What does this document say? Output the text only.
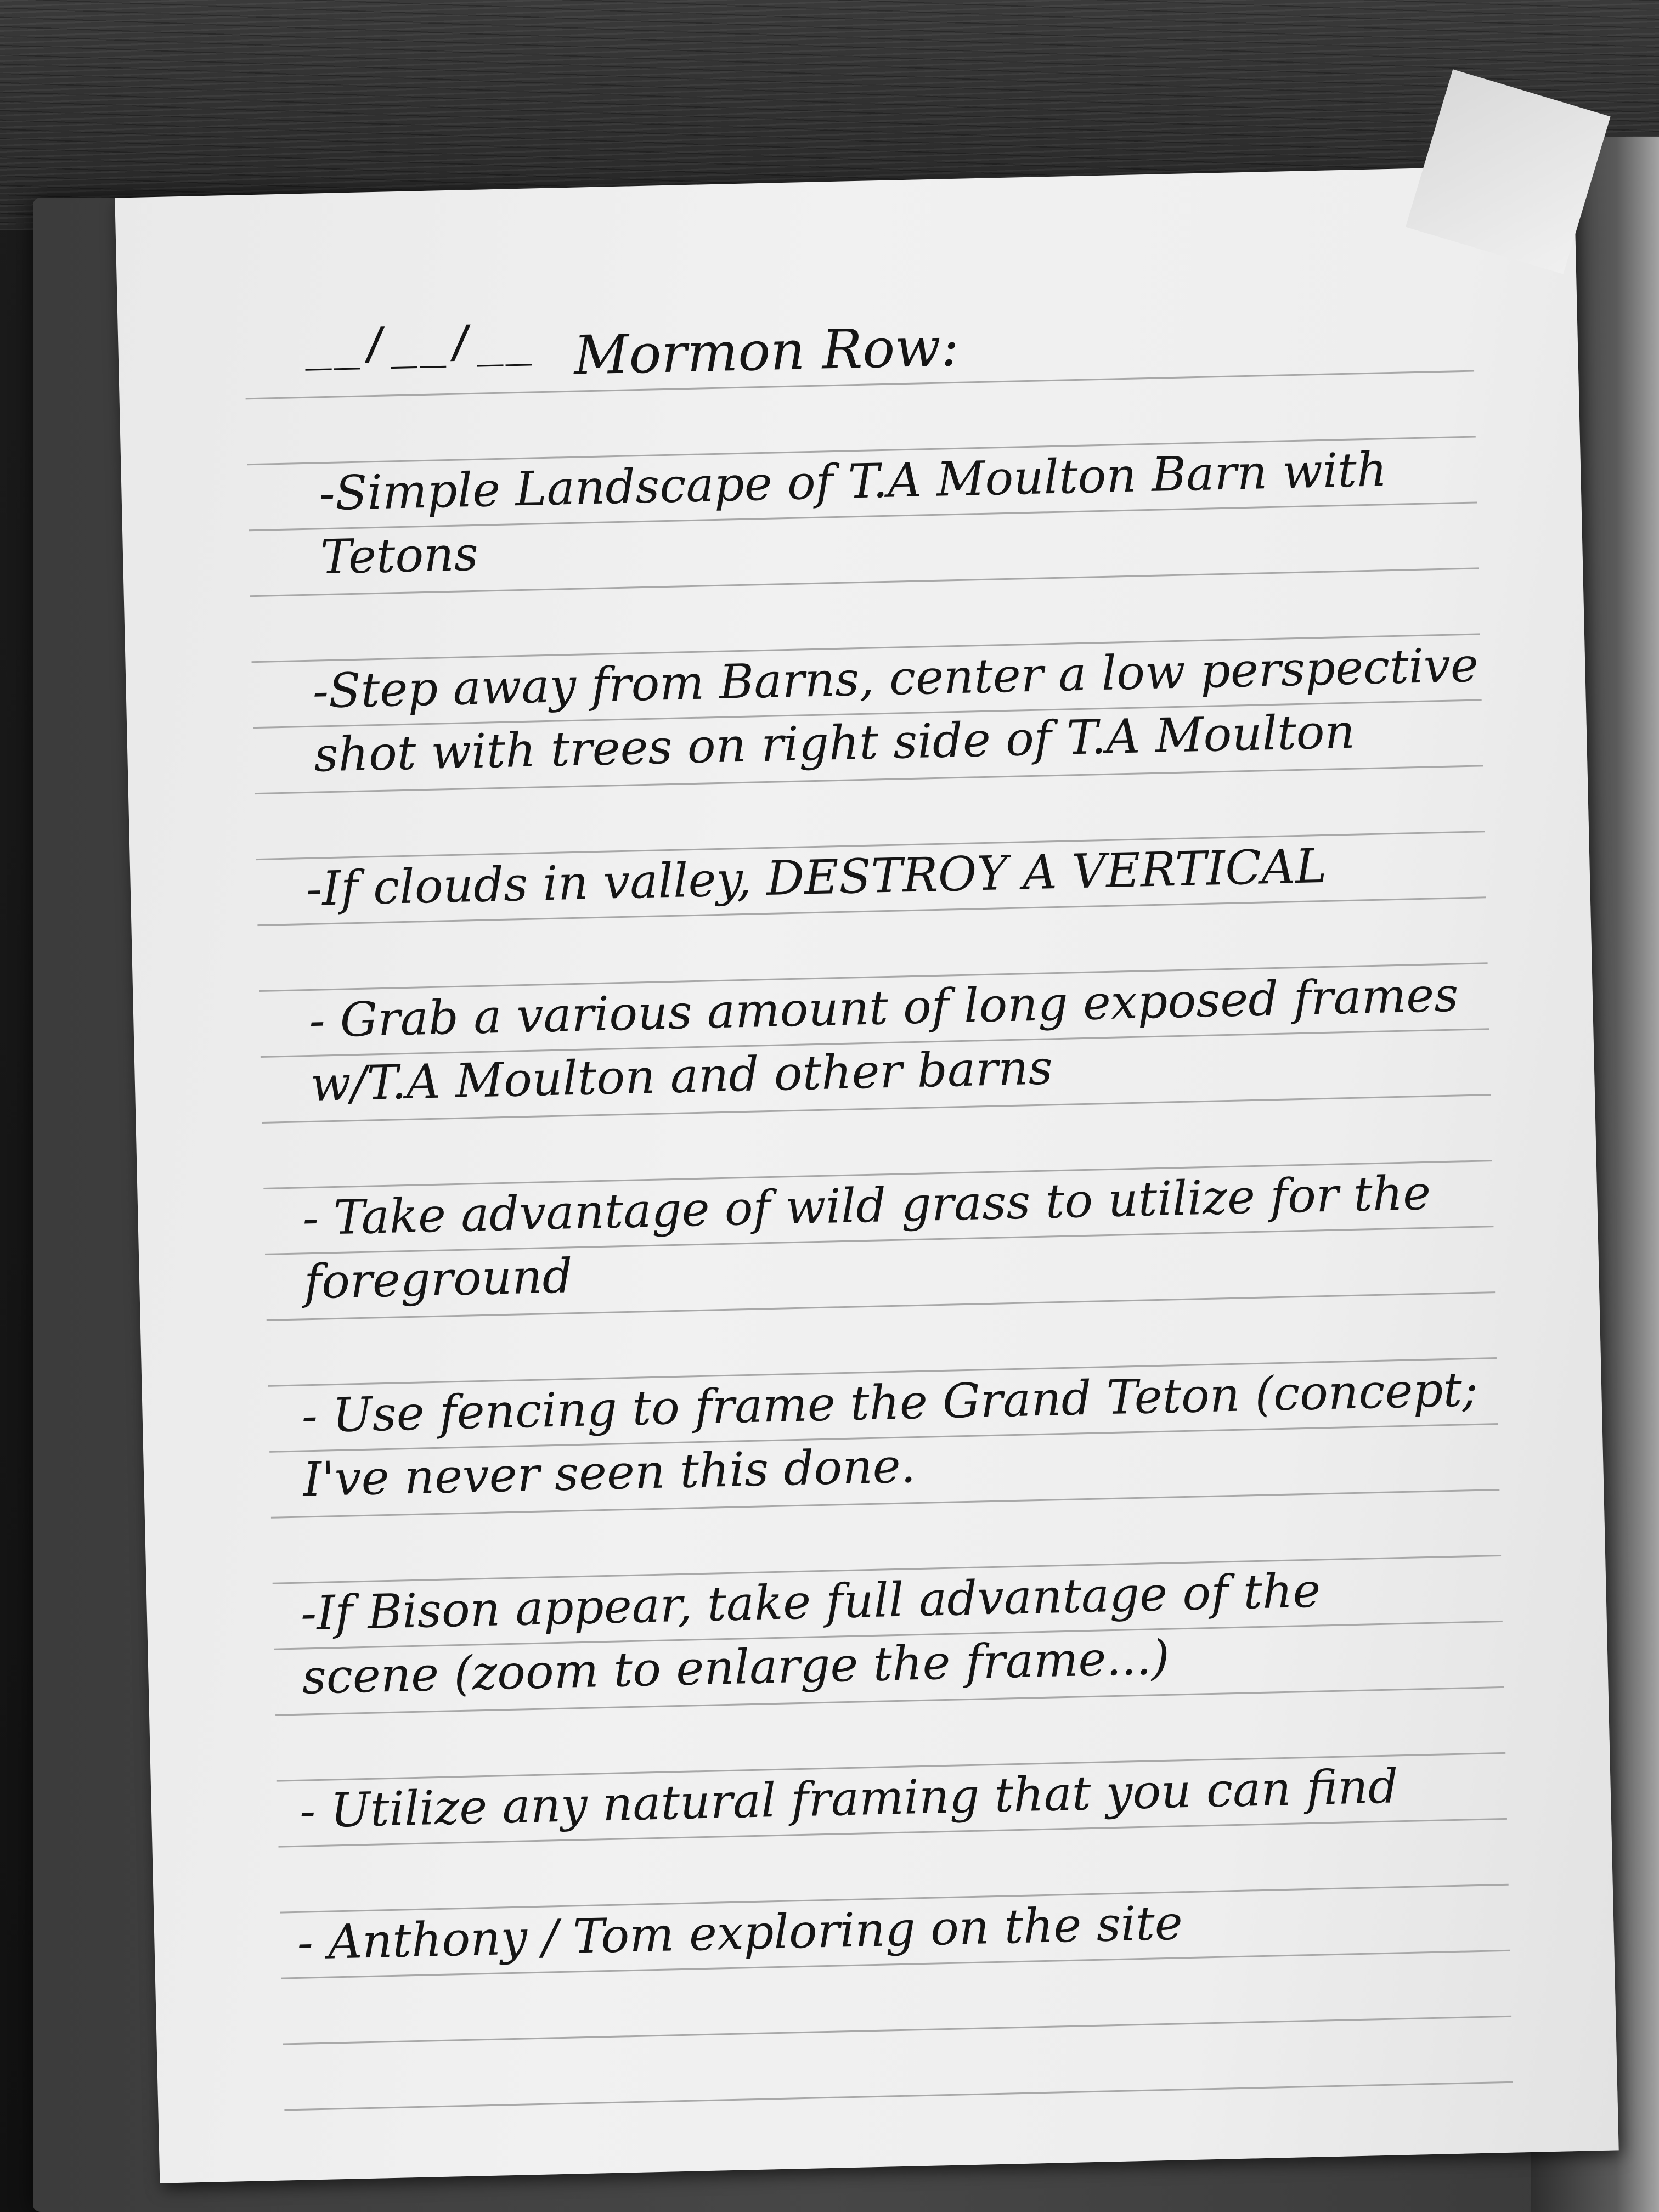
__/__/__ Mormon Row:
-Simple Landscape of T.A Moulton Barn with
Tetons
-Step away from Barns, center a low perspective
shot with trees on right side of T.A Moulton
-If clouds in valley, DESTROY A VERTICAL
- Grab a various amount of long exposed frames
w/T.A Moulton and other barns
- Take advantage of wild grass to utilize for the
foreground
- Use fencing to frame the Grand Teton (concept;
I've never seen this done.
-If Bison appear, take full advantage of the
scene (zoom to enlarge the frame...)
- Utilize any natural framing that you can find
- Anthony / Tom exploring on the site
